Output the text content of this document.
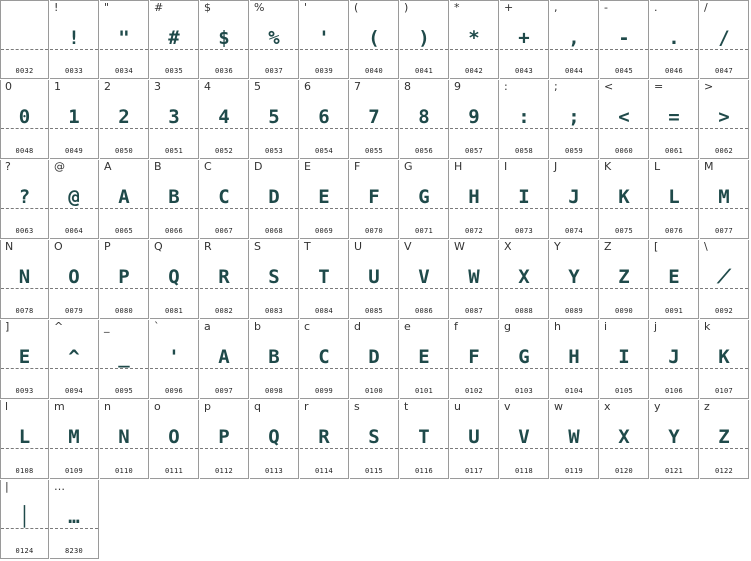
0032
!
!
0033
"
"
0034
#
#
0035
$
$
0036
%
%
0037
'
'
0039
(
(
0040
)
)
0041
*
*
0042
+
+
0043
,
,
0044
-
-
0045
.
.
0046
/
/
0047
0
0
0048
1
1
0049
2
2
0050
3
3
0051
4
4
0052
5
5
0053
6
6
0054
7
7
0055
8
8
0056
9
9
0057
:
:
0058
;
;
0059
<
<
0060
=
=
0061
>
>
0062
?
?
0063
@
@
0064
A
A
0065
B
B
0066
C
C
0067
D
D
0068
E
E
0069
F
F
0070
G
G
0071
H
H
0072
I
I
0073
J
J
0074
K
K
0075
L
L
0076
M
M
0077
N
N
0078
O
O
0079
P
P
0080
Q
Q
0081
R
R
0082
S
S
0083
T
T
0084
U
U
0085
V
V
0086
W
W
0087
X
X
0088
Y
Y
0089
Z
Z
0090
[
E
0091
\
⟋
0092
]
E
0093
^
^
0094
_
_
0095
`
'
0096
a
A
0097
b
B
0098
c
C
0099
d
D
0100
e
E
0101
f
F
0102
g
G
0103
h
H
0104
i
I
0105
j
J
0106
k
K
0107
l
L
0108
m
M
0109
n
N
0110
o
O
0111
p
P
0112
q
Q
0113
r
R
0114
s
S
0115
t
T
0116
u
U
0117
v
V
0118
w
W
0119
x
X
0120
y
Y
0121
z
Z
0122
|
│
0124
…
…
8230
